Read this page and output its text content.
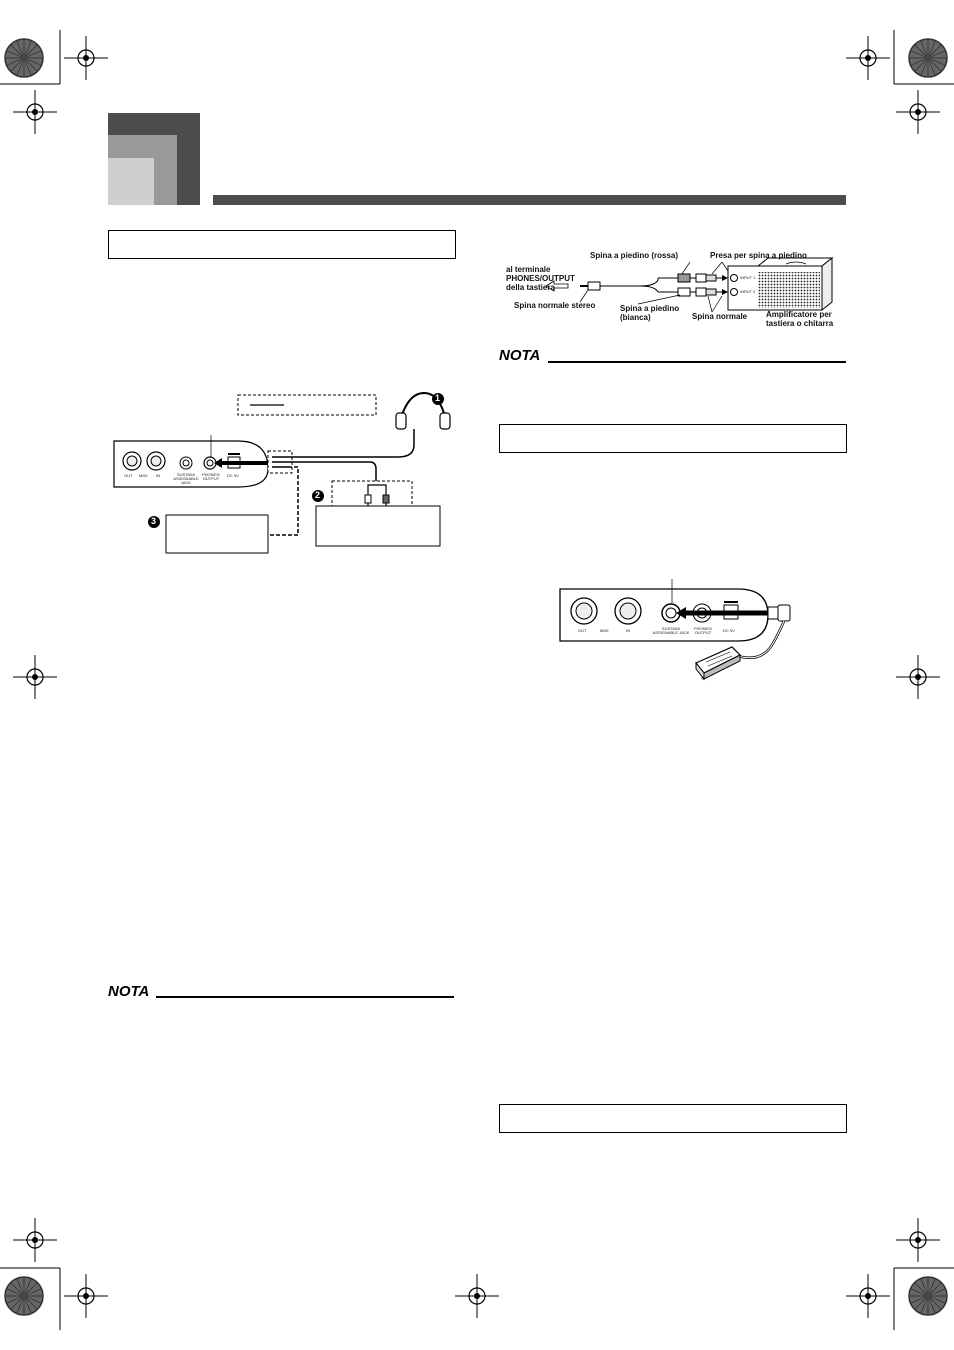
NOTA
NOTA
Spina a piedino (rossa)	Presa per spina a piedino
al terminale
PHONES/OUTPUT
della tastiera
Spina normale stereo	Spina a piedino
(bianca)	Spina normale Amplificatore per
tastiera o chitarra
INPUT 1
INPUT 2
1
2
3
OUT MIDI IN	SUSTAIN/ ASSIGNABLE JACK
PHONES/ OUTPUT
DC 9V
OUT	MIDI	IN	SUSTAIN/ ASSIGNABLE JACK
PHONES/ OUTPUT	DC 9V
